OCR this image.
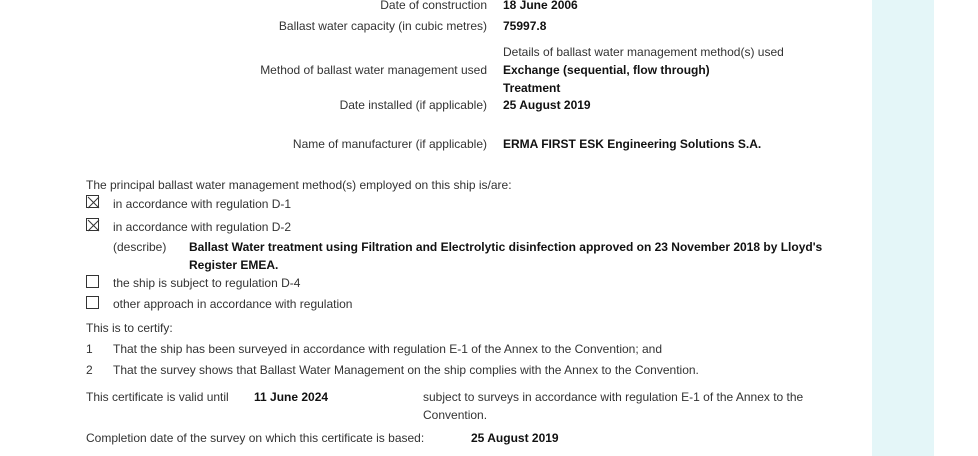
Date of construction 18 June 2006
Ballast water capacity (in cubic metres) 75997.8
Details of ballast water management method(s) used
Method of ballast water management used Exchange (sequential, flow through)
Treatment
Date installed (if applicable) 25 August 2019
Name of manufacturer (if applicable) ERMA FIRST ESK Engineering Solutions S.A.
The principal ballast water management method(s) employed on this ship is/are:
in accordance with regulation D-1
in accordance with regulation D-2
(describe) Ballast Water treatment using Filtration and Electrolytic disinfection approved on 23 November 2018 by Lloyd's
Register EMEA.
the ship is subject to regulation D-4
other approach in accordance with regulation
This is to certify:
1 That the ship has been surveyed in accordance with regulation E-1 of the Annex to the Convention; and
2 That the survey shows that Ballast Water Management on the ship complies with the Annex to the Convention.
This certificate is valid until 11 June 2024	subject to surveys in accordance with regulation E-1 of the Annex to the
Convention.
Completion date of the survey on which this certificate is based:	25 August 2019
